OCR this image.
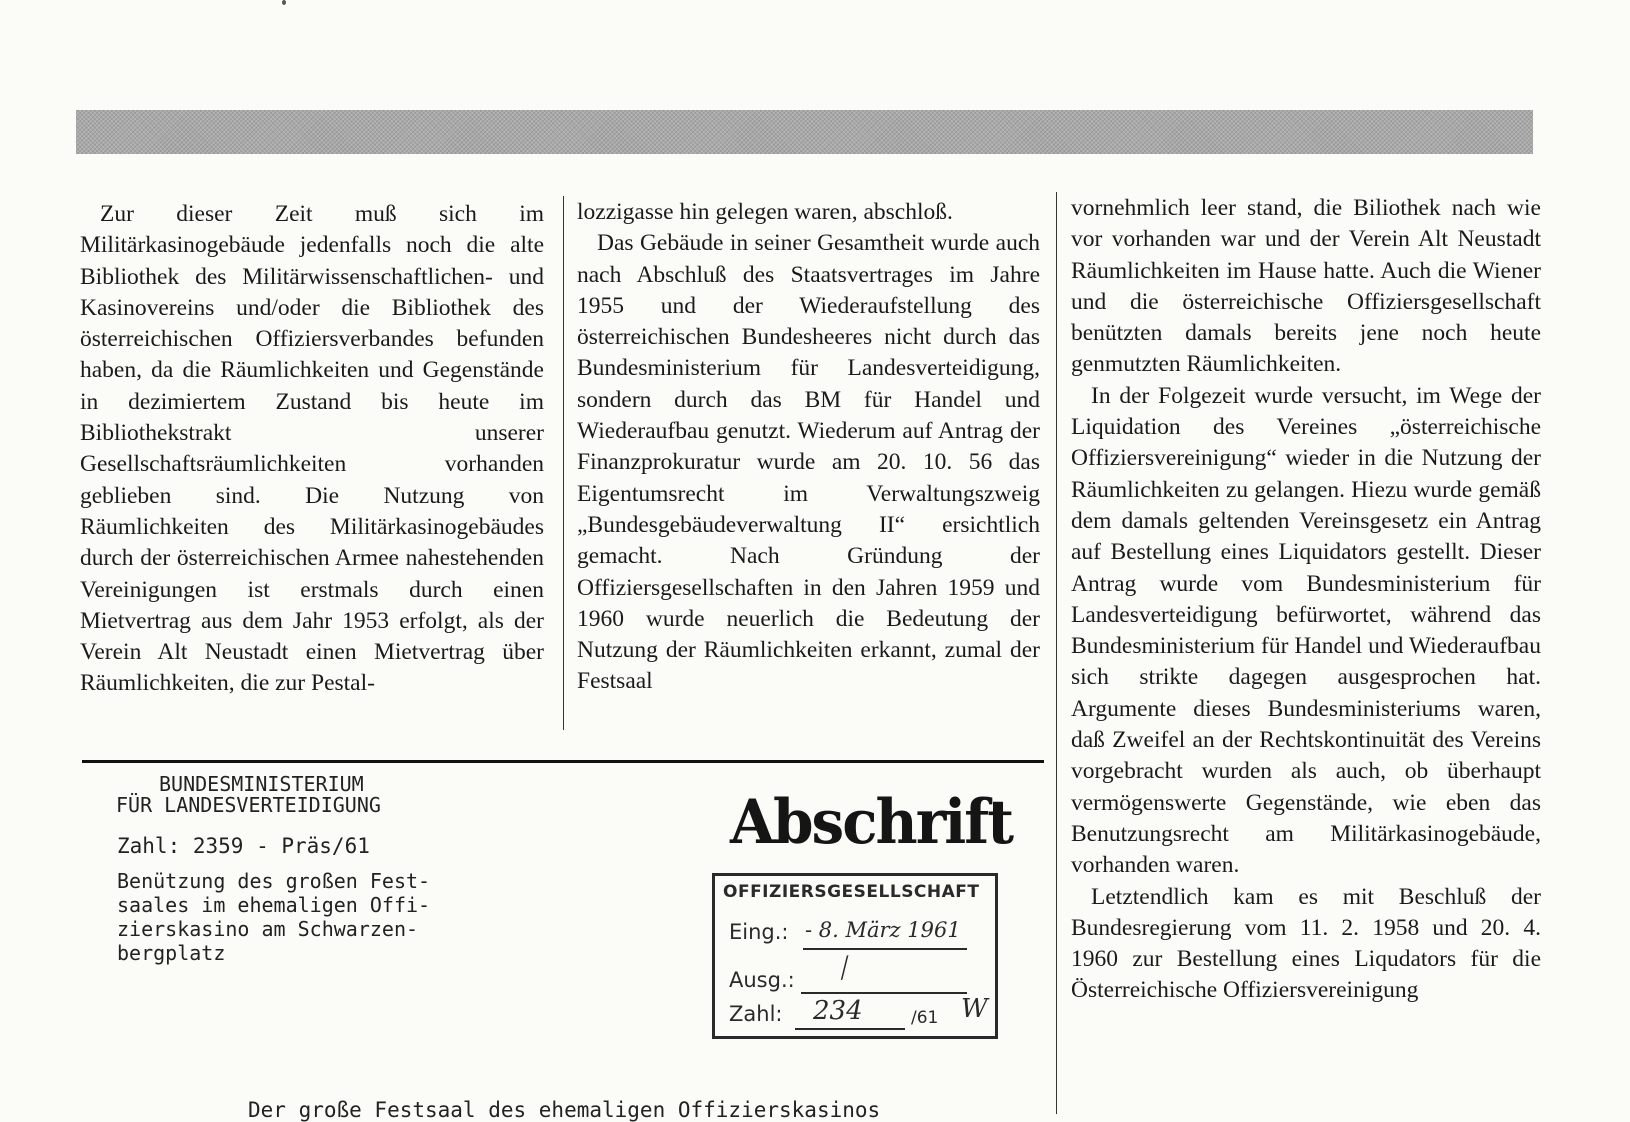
Zur dieser Zeit muß sich im Militärkasinogebäude jedenfalls noch die alte Bibliothek des Militärwissenschaftlichen- und Kasinovereins und/oder die Bibliothek des österreichischen Offiziersverbandes befunden haben, da die Räumlichkeiten und Gegenstände in dezimiertem Zustand bis heute im Bibliothekstrakt unserer Gesellschaftsräumlichkeiten vorhanden geblieben sind. Die Nutzung von Räumlichkeiten des Militärkasinogebäudes durch der österreichischen Armee nahestehenden Vereinigungen ist erstmals durch einen Mietvertrag aus dem Jahr 1953 erfolgt, als der Verein Alt Neustadt einen Mietvertrag über Räumlichkeiten, die zur Pestal-

lozzigasse hin gelegen waren, abschloß.

Das Gebäude in seiner Gesamtheit wurde auch nach Abschluß des Staatsvertrages im Jahre 1955 und der Wiederaufstellung des österreichischen Bundesheeres nicht durch das Bundesministerium für Landesverteidigung, sondern durch das BM für Handel und Wiederaufbau genutzt. Wiederum auf Antrag der Finanzprokuratur wurde am 20. 10. 56 das Eigentumsrecht im Verwaltungszweig „Bundesgebäudeverwaltung II“ ersichtlich gemacht. Nach Gründung der Offiziersgesellschaften in den Jahren 1959 und 1960 wurde neuerlich die Bedeutung der Nutzung der Räumlichkeiten erkannt, zumal der Festsaal

vornehmlich leer stand, die Biliothek nach wie vor vorhanden war und der Verein Alt Neustadt Räumlichkeiten im Hause hatte. Auch die Wiener und die österreichische Offiziersgesellschaft benützten damals bereits jene noch heute genmutzten Räumlichkeiten.

In der Folgezeit wurde versucht, im Wege der Liquidation des Vereines „österreichische Offiziersvereinigung“ wieder in die Nutzung der Räumlichkeiten zu gelangen. Hiezu wurde gemäß dem damals geltenden Vereinsgesetz ein Antrag auf Bestellung eines Liquidators gestellt. Dieser Antrag wurde vom Bundesministerium für Landesverteidigung befürwortet, während das Bundesministerium für Handel und Wiederaufbau sich strikte dagegen ausgesprochen hat. Argumente dieses Bundesministeriums waren, daß Zweifel an der Rechtskontinuität des Vereins vorgebracht wurden als auch, ob überhaupt vermögenswerte Gegenstände, wie eben das Benutzungsrecht am Militärkasinogebäude, vorhanden waren.

Letztendlich kam es mit Beschluß der Bundesregierung vom 11. 2. 1958 und 20. 4. 1960 zur Bestellung eines Liqudators für die Österreichische Offiziersvereinigung

BUNDESMINISTERIUM
FÜR LANDESVERTEIDIGUNG
Zahl: 2359 - Präs/61
Benützung des großen Fest-
saales im ehemaligen Offi-
zierskasino am Schwarzen-
bergplatz
Abschrift
OFFIZIERSGESELLSCHAFT
Eing.: - 8. März 1961
Ausg.: ⁄
Zahl: 234	/61 W
Der große Festsaal des ehemaligen Offizierskasinos
